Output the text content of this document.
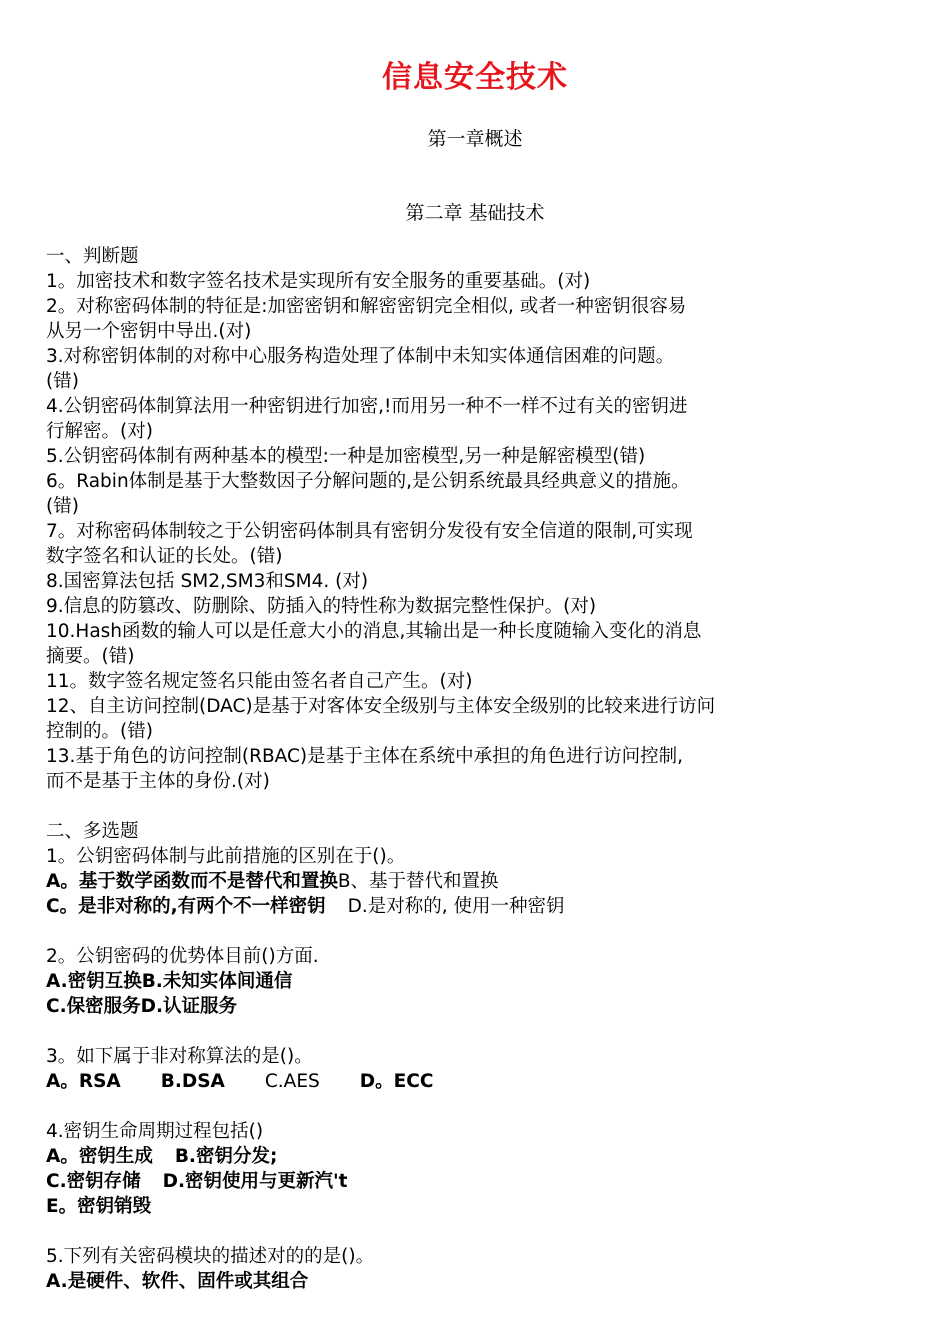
信息安全技术
第一章概述
第二章 基础技术
一、判断题
1。加密技术和数字签名技术是实现所有安全服务的重要基础。(对)
2。对称密码体制的特征是:加密密钥和解密密钥完全相似, 或者一种密钥很容易
从另一个密钥中导出.(对)
3.对称密钥体制的对称中心服务构造处理了体制中未知实体通信困难的问题。
(错)
4.公钥密码体制算法用一种密钥进行加密,!而用另一种不一样不过有关的密钥进
行解密。(对)
5.公钥密码体制有两种基本的模型:一种是加密模型,另一种是解密模型(错)
6。Rabin体制是基于大整数因子分解问题的,是公钥系统最具经典意义的措施。
(错)
7。对称密码体制较之于公钥密码体制具有密钥分发役有安全信道的限制,可实现
数字签名和认证的长处。(错)
8.国密算法包括 SM2,SM3和SM4. (对)
9.信息的防篡改、防删除、防插入的特性称为数据完整性保护。(对)
10.Hash函数的输人可以是任意大小的消息,其输出是一种长度随输入变化的消息
摘要。(错)
11。数字签名规定签名只能由签名者自己产生。(对)
12、自主访问控制(DAC)是基于对客体安全级别与主体安全级别的比较来进行访问
控制的。(错)
13.基于角色的访问控制(RBAC)是基于主体在系统中承担的角色进行访问控制,
而不是基于主体的身份.(对)
二、多选题
1。公钥密码体制与此前措施的区别在于()。
A。基于数学函数而不是替代和置换B、基于替代和置换
C。是非对称的,有两个不一样密钥 D.是对称的, 使用一种密钥
2。公钥密码的优势体目前()方面.
A.密钥互换B.未知实体间通信
C.保密服务D.认证服务
3。如下属于非对称算法的是()。
A。RSA B.DSA C.AES D。ECC
4.密钥生命周期过程包括()
A。密钥生成 B.密钥分发;
C.密钥存储 D.密钥使用与更新汽't
E。密钥销毁
5.下列有关密码模块的描述对的的是()。
A.是硬件、软件、固件或其组合
